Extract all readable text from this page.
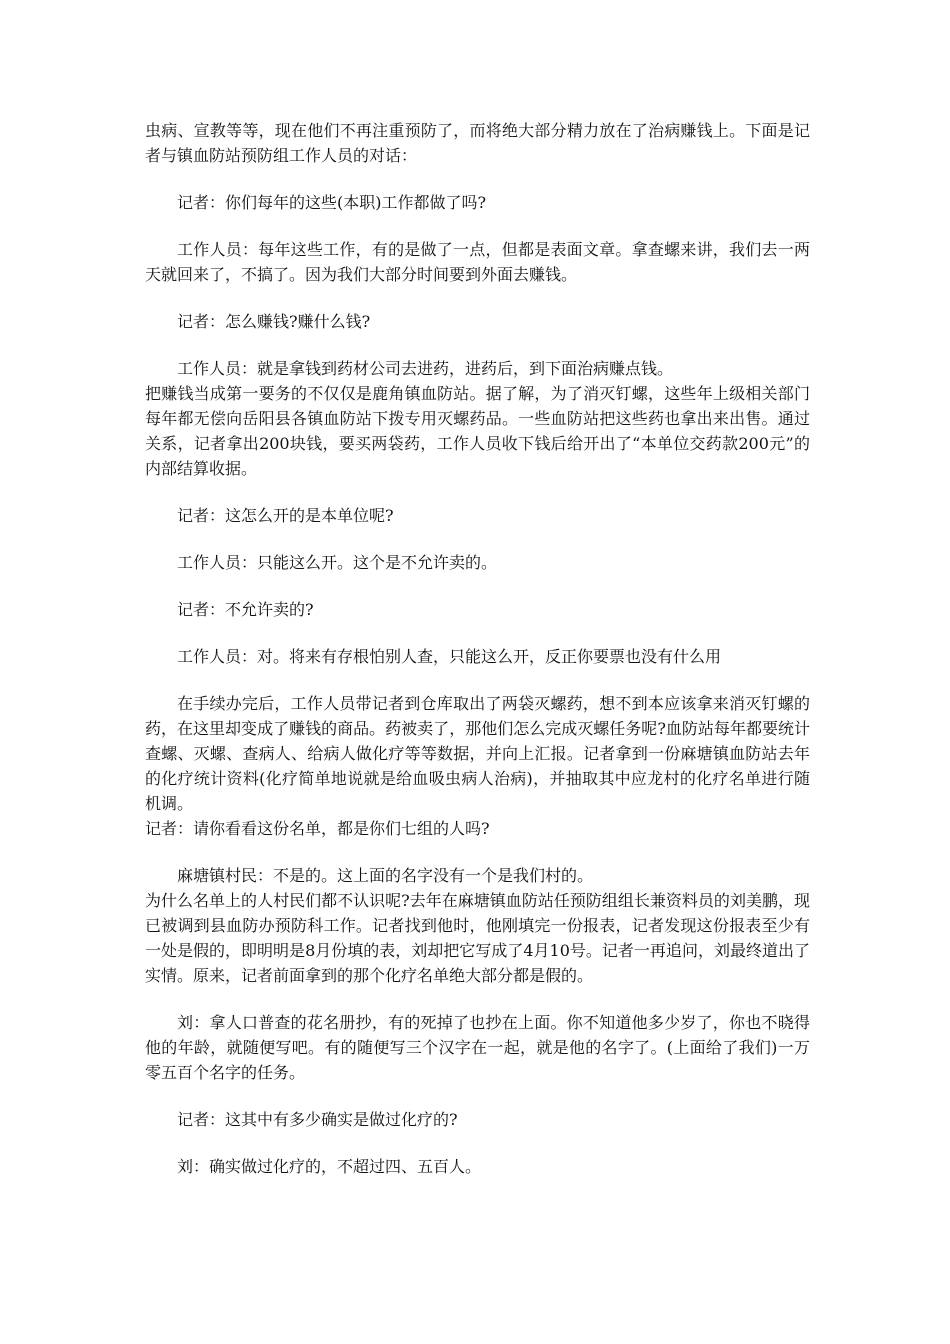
虫病、宣教等等，现在他们不再注重预防了，而将绝大部分精力放在了治病赚钱上。下面是记者与镇血防站预防组工作人员的对话：

记者：你们每年的这些(本职)工作都做了吗?

工作人员：每年这些工作，有的是做了一点，但都是表面文章。拿查螺来讲，我们去一两天就回来了，不搞了。因为我们大部分时间要到外面去赚钱。

记者：怎么赚钱?赚什么钱?

工作人员：就是拿钱到药材公司去进药，进药后，到下面治病赚点钱。

把赚钱当成第一要务的不仅仅是鹿角镇血防站。据了解，为了消灭钉螺，这些年上级相关部门每年都无偿向岳阳县各镇血防站下拨专用灭螺药品。一些血防站把这些药也拿出来出售。通过关系，记者拿出200块钱，要买两袋药，工作人员收下钱后给开出了“本单位交药款200元”的内部结算收据。

记者：这怎么开的是本单位呢?

工作人员：只能这么开。这个是不允许卖的。

记者：不允许卖的?

工作人员：对。将来有存根怕别人查，只能这么开，反正你要票也没有什么用

在手续办完后，工作人员带记者到仓库取出了两袋灭螺药，想不到本应该拿来消灭钉螺的药，在这里却变成了赚钱的商品。药被卖了，那他们怎么完成灭螺任务呢?血防站每年都要统计查螺、灭螺、查病人、给病人做化疗等等数据，并向上汇报。记者拿到一份麻塘镇血防站去年的化疗统计资料(化疗简单地说就是给血吸虫病人治病)，并抽取其中应龙村的化疗名单进行随机调。

记者：请你看看这份名单，都是你们七组的人吗?

麻塘镇村民：不是的。这上面的名字没有一个是我们村的。

为什么名单上的人村民们都不认识呢?去年在麻塘镇血防站任预防组组长兼资料员的刘美鹏，现已被调到县血防办预防科工作。记者找到他时，他刚填完一份报表，记者发现这份报表至少有一处是假的，即明明是8月份填的表，刘却把它写成了4月10号。记者一再追问，刘最终道出了实情。原来，记者前面拿到的那个化疗名单绝大部分都是假的。

刘：拿人口普查的花名册抄，有的死掉了也抄在上面。你不知道他多少岁了，你也不晓得他的年龄，就随便写吧。有的随便写三个汉字在一起，就是他的名字了。(上面给了我们)一万零五百个名字的任务。

记者：这其中有多少确实是做过化疗的?

刘：确实做过化疗的，不超过四、五百人。
